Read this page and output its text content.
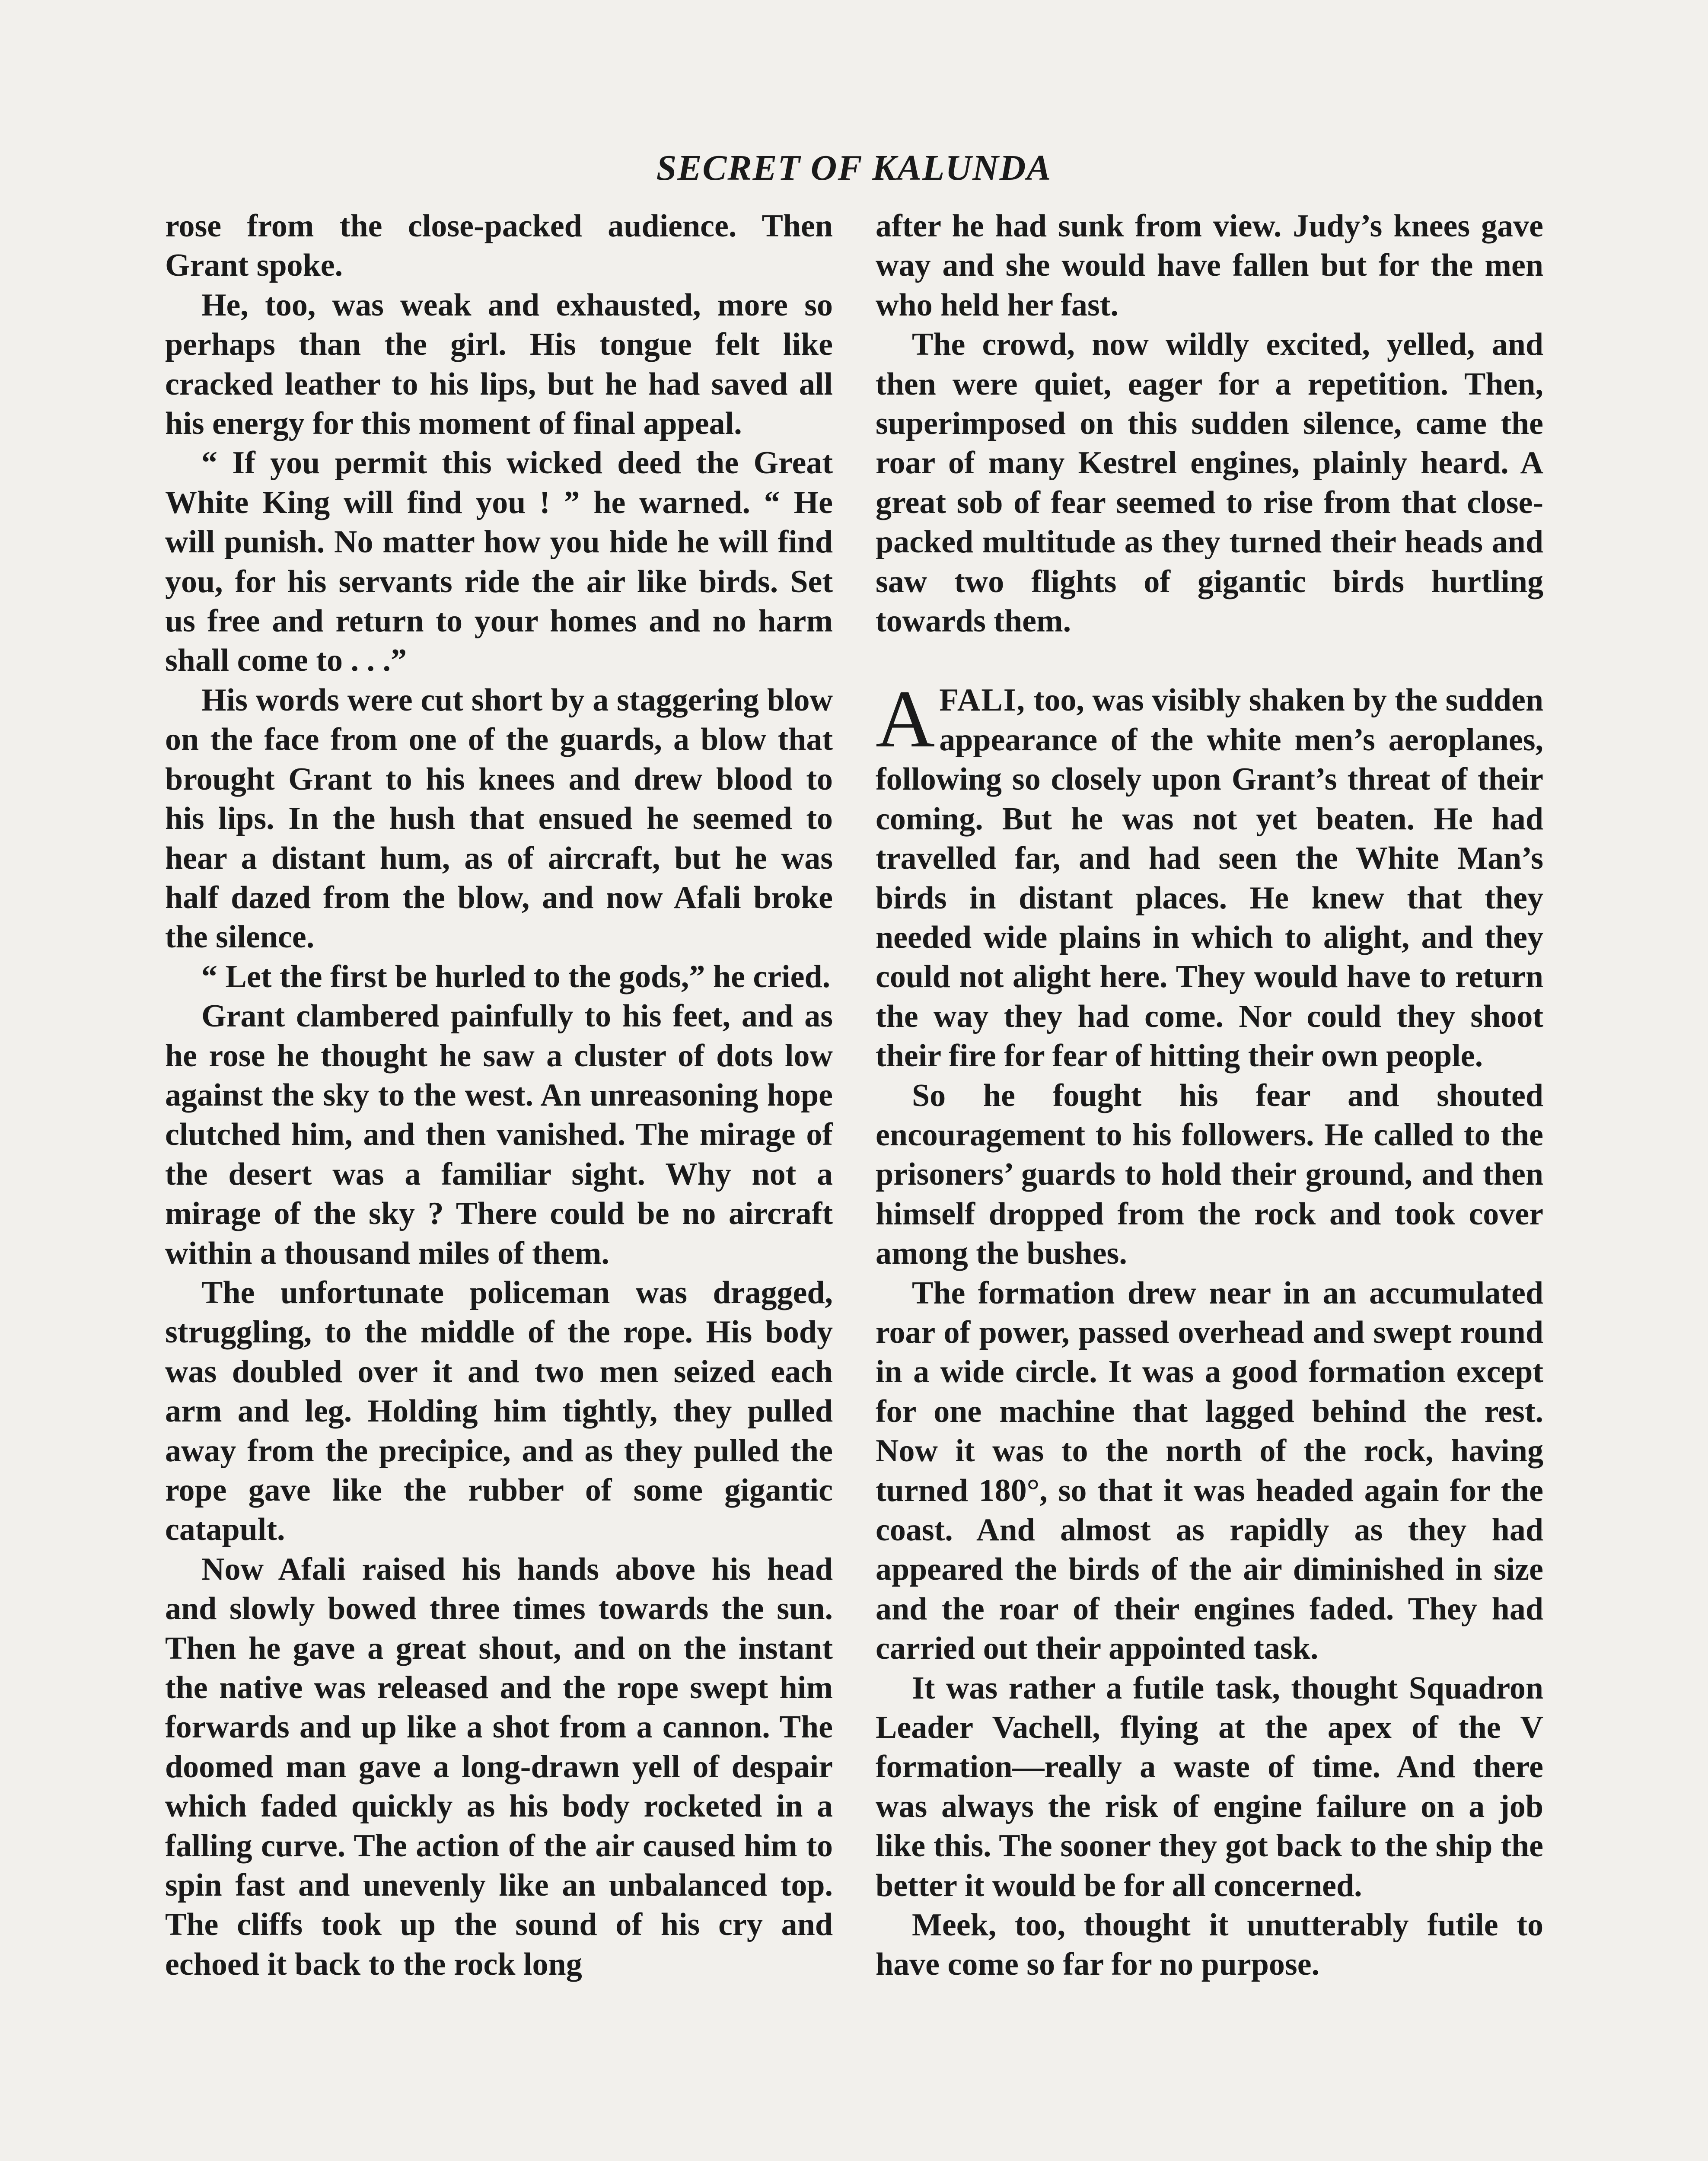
SECRET OF KALUNDA

rose from the close-packed audience. Then Grant spoke.

He, too, was weak and exhausted, more so perhaps than the girl. His tongue felt like cracked leather to his lips, but he had saved all his energy for this moment of final appeal.

“ If you permit this wicked deed the Great White King will find you ! ” he warned. “ He will punish. No matter how you hide he will find you, for his servants ride the air like birds. Set us free and return to your homes and no harm shall come to . . .”

His words were cut short by a staggering blow on the face from one of the guards, a blow that brought Grant to his knees and drew blood to his lips. In the hush that ensued he seemed to hear a distant hum, as of aircraft, but he was half dazed from the blow, and now Afali broke the silence.

“ Let the first be hurled to the gods,” he cried.

Grant clambered painfully to his feet, and as he rose he thought he saw a cluster of dots low against the sky to the west. An unreasoning hope clutched him, and then vanished. The mirage of the desert was a familiar sight. Why not a mirage of the sky ? There could be no aircraft within a thousand miles of them.

The unfortunate policeman was dragged, struggling, to the middle of the rope. His body was doubled over it and two men seized each arm and leg. Holding him tightly, they pulled away from the precipice, and as they pulled the rope gave like the rubber of some gigantic catapult.

Now Afali raised his hands above his head and slowly bowed three times towards the sun. Then he gave a great shout, and on the instant the native was released and the rope swept him forwards and up like a shot from a cannon. The doomed man gave a long-drawn yell of despair which faded quickly as his body rocketed in a falling curve. The action of the air caused him to spin fast and unevenly like an unbalanced top. The cliffs took up the sound of his cry and echoed it back to the rock long

after he had sunk from view. Judy’s knees gave way and she would have fallen but for the men who held her fast.

The crowd, now wildly excited, yelled, and then were quiet, eager for a repetition. Then, superimposed on this sudden silence, came the roar of many Kestrel engines, plainly heard. A great sob of fear seemed to rise from that close-packed multitude as they turned their heads and saw two flights of gigantic birds hurtling towards them.

AFALI, too, was visibly shaken by the sudden appearance of the white men’s aeroplanes, following so closely upon Grant’s threat of their coming. But he was not yet beaten. He had travelled far, and had seen the White Man’s birds in distant places. He knew that they needed wide plains in which to alight, and they could not alight here. They would have to return the way they had come. Nor could they shoot their fire for fear of hitting their own people.

So he fought his fear and shouted encouragement to his followers. He called to the prisoners’ guards to hold their ground, and then himself dropped from the rock and took cover among the bushes.

The formation drew near in an accumulated roar of power, passed overhead and swept round in a wide circle. It was a good formation except for one machine that lagged behind the rest. Now it was to the north of the rock, having turned 180°, so that it was headed again for the coast. And almost as rapidly as they had appeared the birds of the air diminished in size and the roar of their engines faded. They had carried out their appointed task.

It was rather a futile task, thought Squadron Leader Vachell, flying at the apex of the V formation—really a waste of time. And there was always the risk of engine failure on a job like this. The sooner they got back to the ship the better it would be for all concerned.

Meek, too, thought it unutterably futile to have come so far for no purpose.
